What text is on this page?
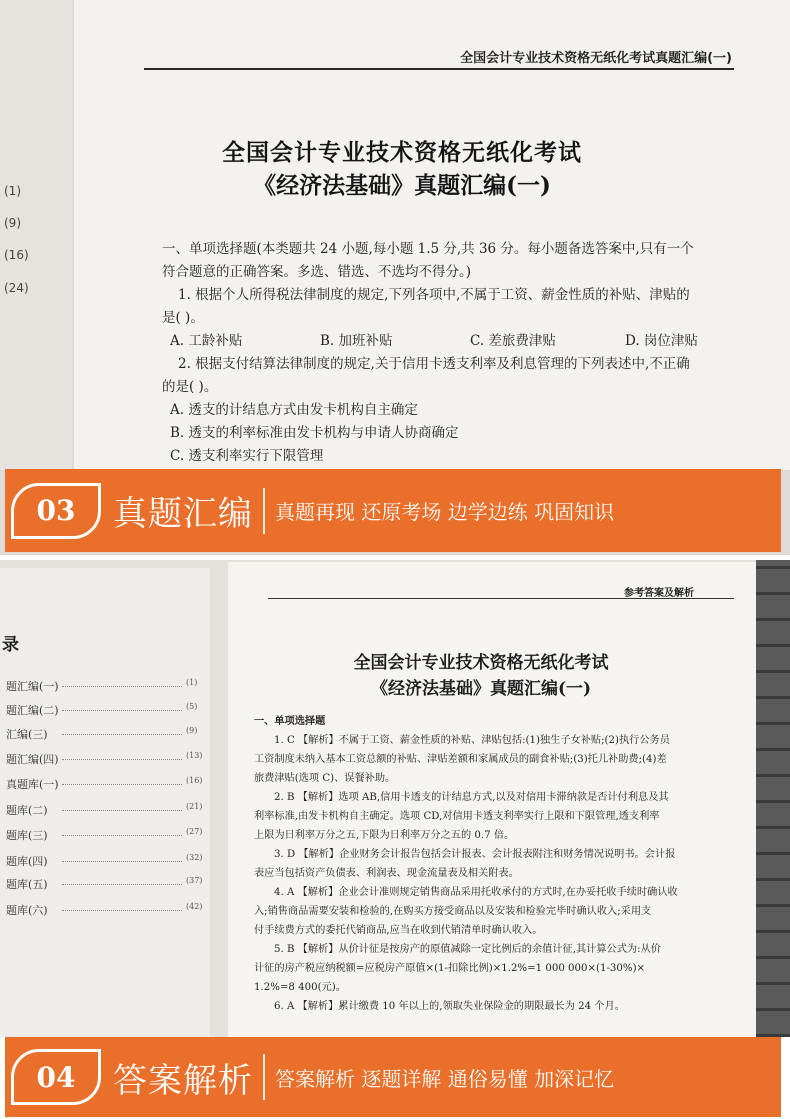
(1)
(9)
(16)
(24)
全国会计专业技术资格无纸化考试真题汇编(一)
全国会计专业技术资格无纸化考试
《经济法基础》真题汇编(一)
一、单项选择题(本类题共 24 小题,每小题 1.5 分,共 36 分。每小题备选答案中,只有一个
符合题意的正确答案。多选、错选、不选均不得分。)
1. 根据个人所得税法律制度的规定,下列各项中,不属于工资、薪金性质的补贴、津贴的
是( )。
A. 工龄补贴	B. 加班补贴	C. 差旅费津贴	D. 岗位津贴
2. 根据支付结算法律制度的规定,关于信用卡透支利率及利息管理的下列表述中,不正确
的是( )。
A. 透支的计结息方式由发卡机构自主确定
B. 透支的利率标准由发卡机构与申请人协商确定
C. 透支利率实行下限管理
03	真题汇编 真题再现 还原考场 边学边练 巩固知识
录
题汇编(一)	(1)
题汇编(二)	(5)
汇编(三)	(9)
题汇编(四)	(13)
真题库(一)	(16)
题库(二)	(21)
题库(三)	(27)
题库(四)	(32)
题库(五)	(37)
题库(六)	(42)
参考答案及解析
全国会计专业技术资格无纸化考试
《经济法基础》真题汇编(一)
一、单项选择题
1. C 【解析】不属于工资、薪金性质的补贴、津贴包括:(1)独生子女补贴;(2)执行公务员
工资制度未纳入基本工资总额的补贴、津贴差额和家属成员的副食补贴;(3)托儿补助费;(4)差
旅费津贴(选项 C)、误餐补助。
2. B 【解析】选项 AB,信用卡透支的计结息方式,以及对信用卡滞纳款是否计付利息及其
利率标准,由发卡机构自主确定。选项 CD,对信用卡透支利率实行上限和下限管理,透支利率
上限为日利率万分之五,下限为日利率万分之五的 0.7 倍。
3. D 【解析】企业财务会计报告包括会计报表、会计报表附注和财务情况说明书。会计报
表应当包括资产负债表、利润表、现金流量表及相关附表。
4. A 【解析】企业会计准则规定销售商品采用托收承付的方式时,在办妥托收手续时确认收
入;销售商品需要安装和检验的,在购买方接受商品以及安装和检验完毕时确认收入;采用支
付手续费方式的委托代销商品,应当在收到代销清单时确认收入。
5. B 【解析】从价计征是按房产的原值减除一定比例后的余值计征,其计算公式为:从价
计征的房产税应纳税额=应税房产原值×(1-扣除比例)×1.2%=1 000 000×(1-30%)×
1.2%=8 400(元)。
6. A 【解析】累计缴费 10 年以上的,领取失业保险金的期限最长为 24 个月。
04	答案解析 答案解析 逐题详解 通俗易懂 加深记忆
